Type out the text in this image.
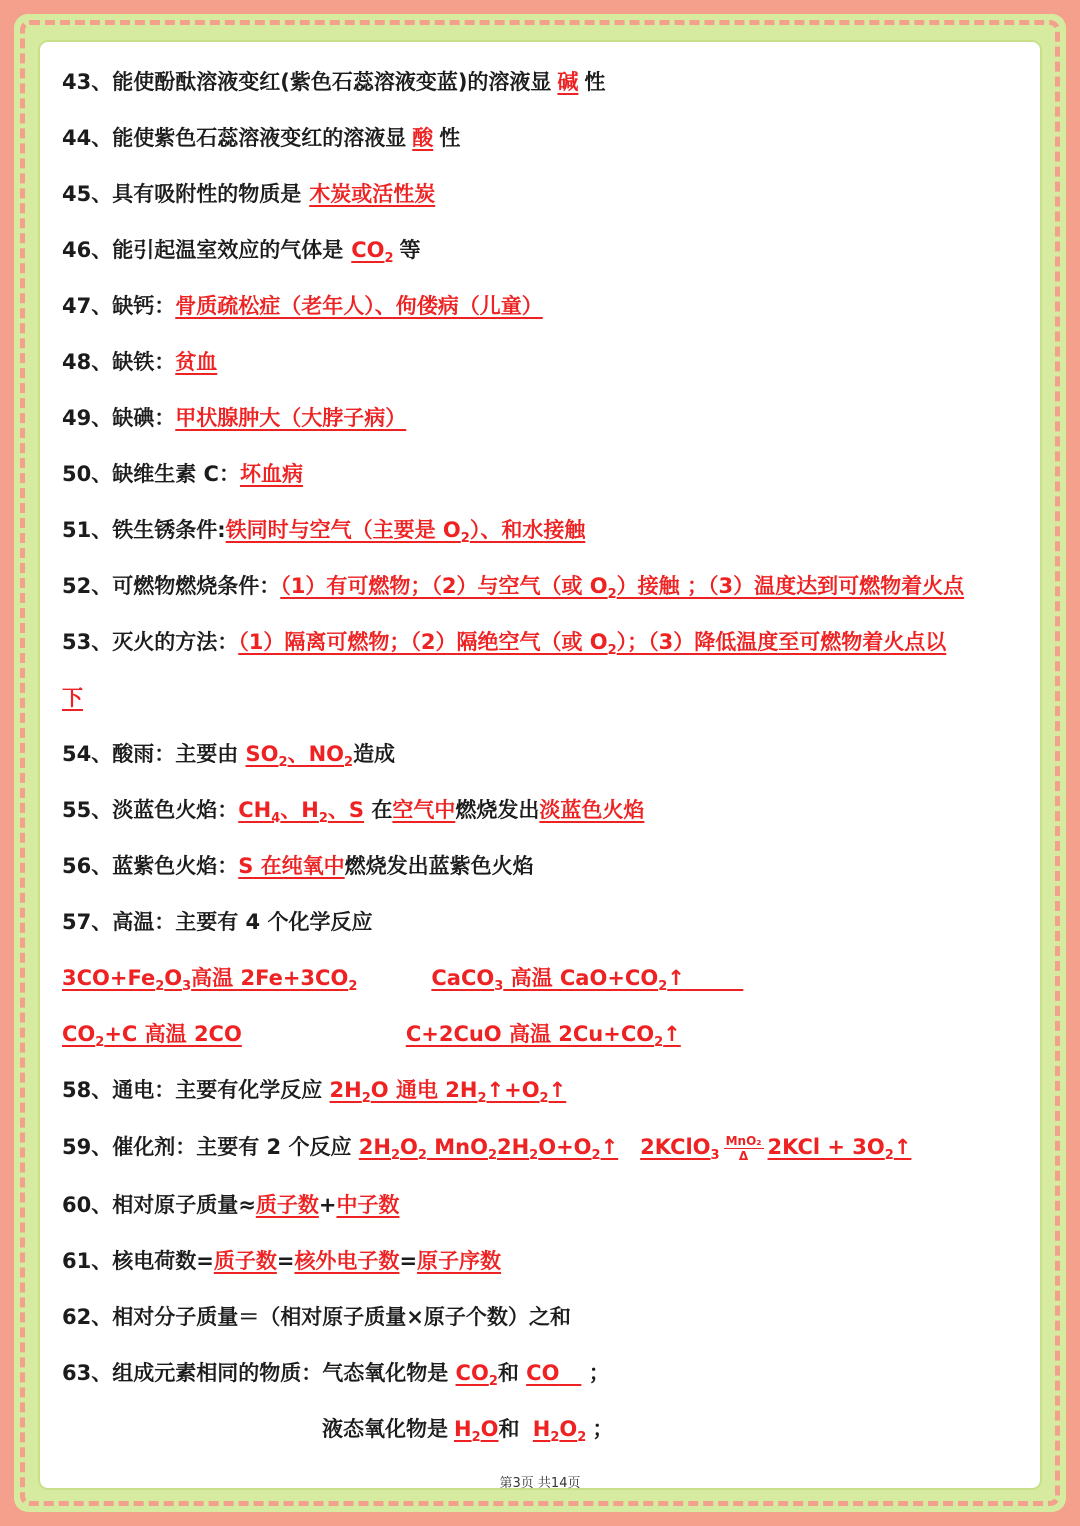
43、能使酚酞溶液变红(紫色石蕊溶液变蓝)的溶液显 碱 性
44、能使紫色石蕊溶液变红的溶液显 酸 性
45、具有吸附性的物质是 木炭或活性炭
46、能引起温室效应的气体是 $CO_2$ 等
47、缺钙：骨质疏松症（老年人）、佝偻病（儿童）
48、缺铁：贫血
49、缺碘：甲状腺肿大（大脖子病）
50、缺维生素 C：坏血病
51、铁生锈条件:铁同时与空气（主要是 $O_2$）、和水接触
52、可燃物燃烧条件：（1）有可燃物；（2）与空气（或 $O_2$）接触 ；（3）温度达到可燃物着火点
53、灭火的方法：（1）隔离可燃物；（2）隔绝空气（或 $O_2$）；（3）降低温度至可燃物着火点以
下
54、酸雨：主要由 $SO_2$、$NO_2$造成
55、淡蓝色火焰：$CH_4$、$H_2$、S 在空气中燃烧发出淡蓝色火焰
56、蓝紫色火焰：S 在纯氧中燃烧发出蓝紫色火焰
57、高温：主要有 4 个化学反应
$3CO+Fe_2O_3$高温 $2Fe+3CO_2$	CaCO$_3$ 高温 $CaO+CO_2↑$
$CO_2+C$ 高温 2CO	C+2CuO 高温 $2Cu+CO_2↑$
58、通电：主要有化学反应 $2H_2O$ 通电 $2H_2↑+O_2↑$
59、催化剂：主要有 2 个反应 $2H_2O_2$ $MnO_22H_2O+O_2↑$ 2KClO$_3$ $\frac{\text{MnO₂}}{\Delta} 2KCl$ + $3O_2↑$
60、相对原子质量≈质子数+中子数
61、核电荷数=质子数=核外电子数=原子序数
62、相对分子质量＝（相对原子质量×原子个数）之和
63、组成元素相同的物质：气态氧化物是 $CO_2$和 CO ；
液态氧化物是 $H_2O$和 $H_2O_2$ ；
第3页 共14页
